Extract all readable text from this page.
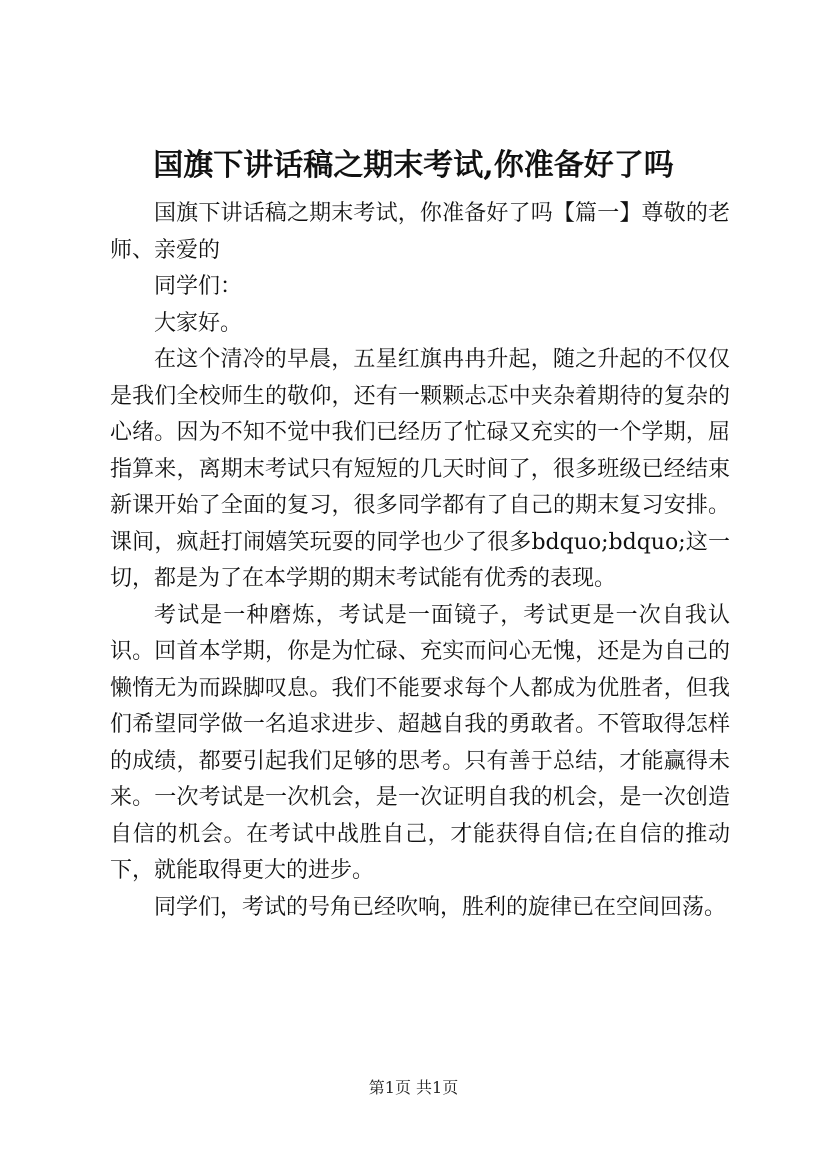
国旗下讲话稿之期末考试,你准备好了吗

国旗下讲话稿之期末考试，你准备好了吗【篇一】尊敬的老师、亲爱的

同学们：

大家好。

在这个清冷的早晨，五星红旗冉冉升起，随之升起的不仅仅是我们全校师生的敬仰，还有一颗颗忐忑中夹杂着期待的复杂的心绪。因为不知不觉中我们已经历了忙碌又充实的一个学期，屈指算来，离期末考试只有短短的几天时间了，很多班级已经结束新课开始了全面的复习，很多同学都有了自己的期末复习安排。课间，疯赶打闹嬉笑玩耍的同学也少了很多bdquo;bdquo;这一切，都是为了在本学期的期末考试能有优秀的表现。

考试是一种磨炼，考试是一面镜子，考试更是一次自我认识。回首本学期，你是为忙碌、充实而问心无愧，还是为自己的懒惰无为而跺脚叹息。我们不能要求每个人都成为优胜者，但我们希望同学做一名追求进步、超越自我的勇敢者。不管取得怎样的成绩，都要引起我们足够的思考。只有善于总结，才能赢得未来。一次考试是一次机会，是一次证明自我的机会，是一次创造自信的机会。在考试中战胜自己，才能获得自信;在自信的推动下，就能取得更大的进步。

同学们，考试的号角已经吹响，胜利的旋律已在空间回荡。

第1页 共1页
